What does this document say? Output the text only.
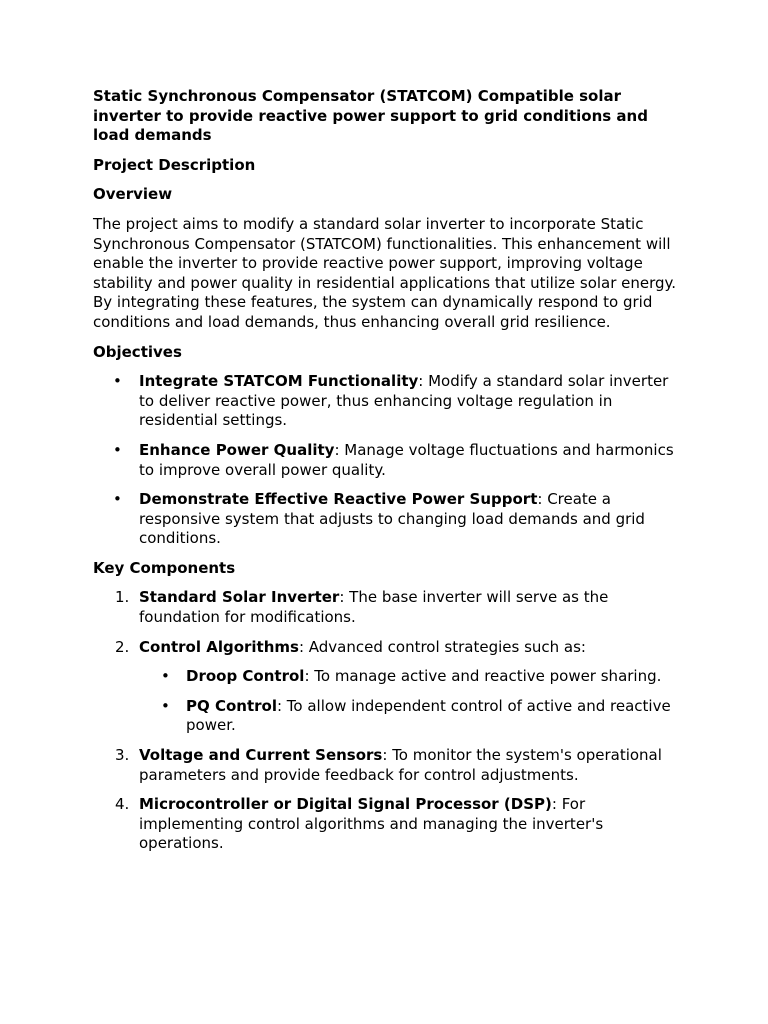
Static Synchronous Compensator (STATCOM) Compatible solar inverter to provide reactive power support to grid conditions and load demands
Project Description
Overview
The project aims to modify a standard solar inverter to incorporate Static Synchronous Compensator (STATCOM) functionalities. This enhancement will enable the inverter to provide reactive power support, improving voltage stability and power quality in residential applications that utilize solar energy. By integrating these features, the system can dynamically respond to grid conditions and load demands, thus enhancing overall grid resilience.
Objectives
•	Integrate STATCOM Functionality: Modify a standard solar inverter to deliver reactive power, thus enhancing voltage regulation in residential settings.
•	Enhance Power Quality: Manage voltage fluctuations and harmonics to improve overall power quality.
•	Demonstrate Effective Reactive Power Support: Create a responsive system that adjusts to changing load demands and grid conditions.
Key Components
1. Standard Solar Inverter: The base inverter will serve as the foundation for modifications.
2. Control Algorithms: Advanced control strategies such as:
•	Droop Control: To manage active and reactive power sharing.
•	PQ Control: To allow independent control of active and reactive power.
3. Voltage and Current Sensors: To monitor the system's operational parameters and provide feedback for control adjustments.
4. Microcontroller or Digital Signal Processor (DSP): For implementing control algorithms and managing the inverter's operations.
